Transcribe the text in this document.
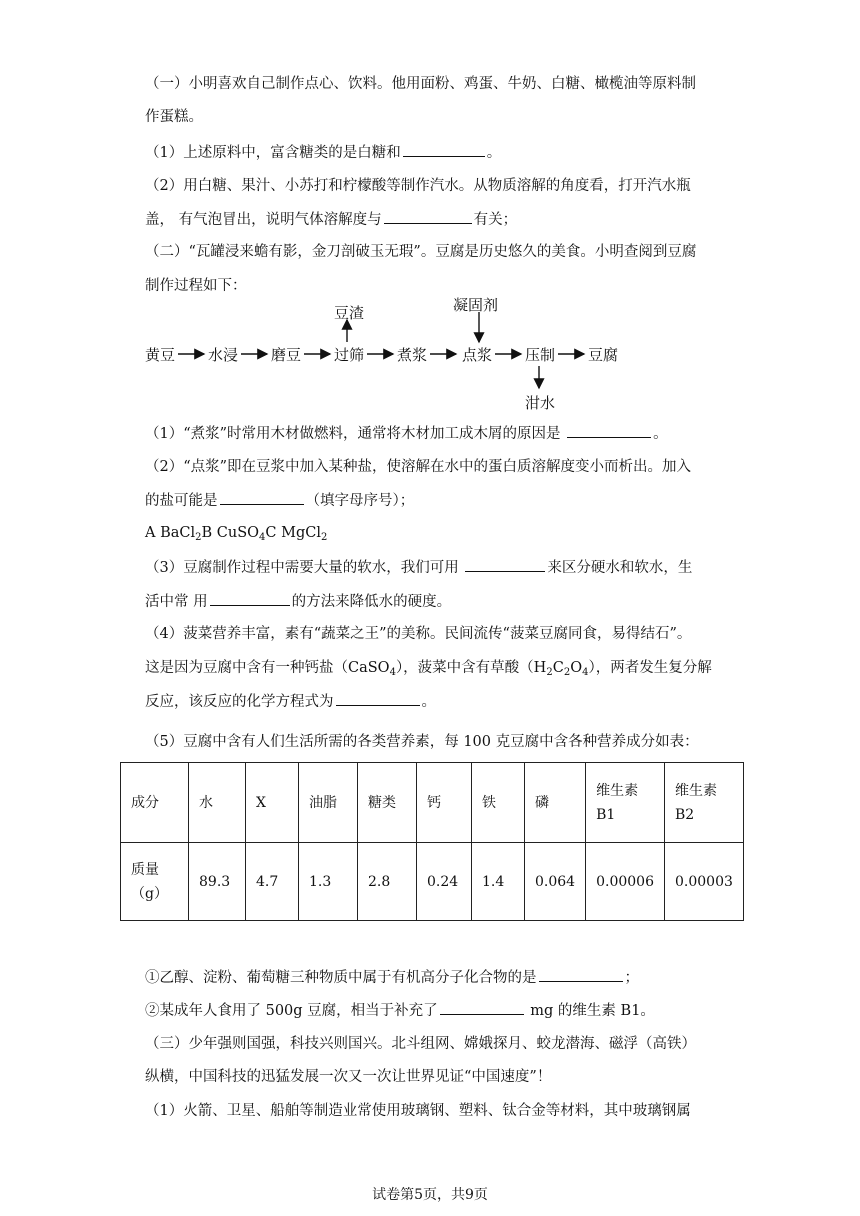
（一）小明喜欢自己制作点心、饮料。他用面粉、鸡蛋、牛奶、白糖、橄榄油等原料制
作蛋糕。
（1）上述原料中，富含糖类的是白糖和	。
（2）用白糖、果汁、小苏打和柠檬酸等制作汽水。从物质溶解的角度看，打开汽水瓶
盖， 有气泡冒出，说明气体溶解度与	有关；
（二）“瓦罐浸来蟾有影，金刀剖破玉无瑕”。豆腐是历史悠久的美食。小明查阅到豆腐
制作过程如下：
黄豆 水浸 磨豆 过筛 煮浆 点浆 压制 豆腐
豆渣	凝固剂
泔水
（1）“煮浆”时常用木材做燃料，通常将木材加工成木屑的原因是	。
（2）“点浆”即在豆浆中加入某种盐，使溶解在水中的蛋白质溶解度变小而析出。加入
的盐可能是	（填字母序号）；
A BaCl$_2$B CuSO$_4$C MgCl$_2$
（3）豆腐制作过程中需要大量的软水，我们可用	来区分硬水和软水，生
活中常 用	的方法来降低水的硬度。
（4）菠菜营养丰富，素有“蔬菜之王”的美称。民间流传“菠菜豆腐同食，易得结石”。
这是因为豆腐中含有一种钙盐（CaSO$_4$），菠菜中含有草酸$(H_2C_2O_4)$，两者发生复分解
反应，该反应的化学方程式为	。
（5）豆腐中含有人们生活所需的各类营养素，每 100 克豆腐中含各种营养成分如表：
成分	水	X	油脂	糖类	钙	铁	磷	维生素
B1	维生素
B2
质量
（g）	89.3	4.7	1.3	2.8	0.24	1.4	0.064	0.00006	0.00003
①乙醇、淀粉、葡萄糖三种物质中属于有机高分子化合物的是	；
②某成年人食用了 500g 豆腐，相当于补充了	mg 的维生素 B1。
（三）少年强则国强，科技兴则国兴。北斗组网、嫦娥探月、蛟龙潜海、磁浮（高铁）
纵横，中国科技的迅猛发展一次又一次让世界见证“中国速度”！
（1）火箭、卫星、船舶等制造业常使用玻璃钢、塑料、钛合金等材料，其中玻璃钢属
试卷第5页，共9页
